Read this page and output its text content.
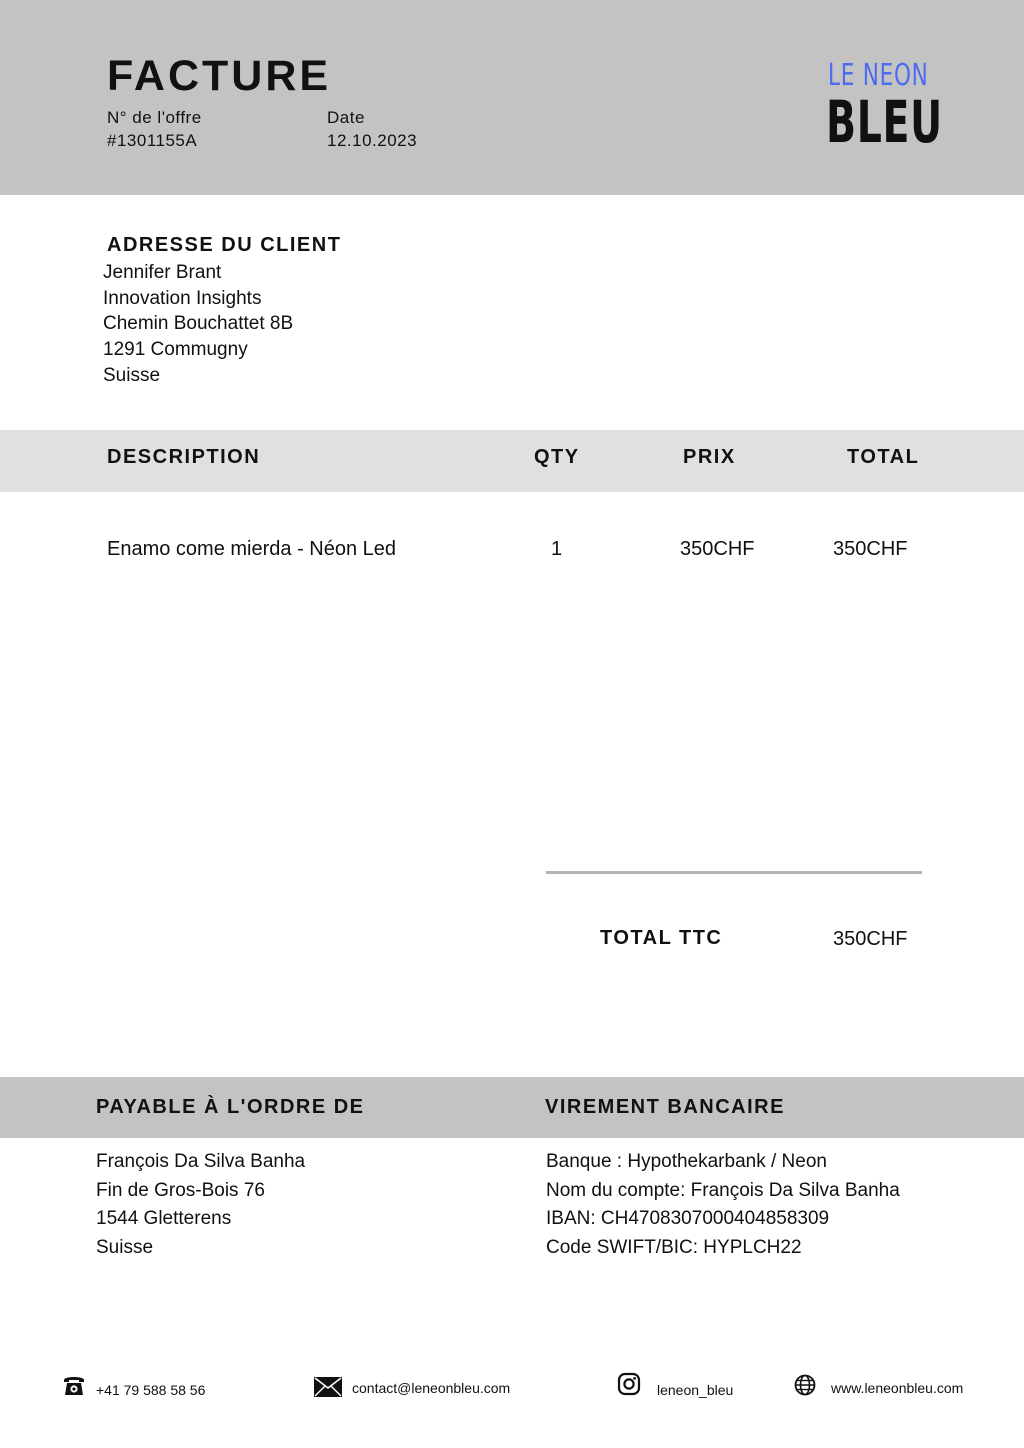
FACTURE
N° de l'offre
#1301155A
Date
12.10.2023
LE NEON
BLEU
ADRESSE DU CLIENT
Jennifer Brant
Innovation Insights
Chemin Bouchattet 8B
1291 Commugny
Suisse
DESCRIPTION	QTY	PRIX	TOTAL
Enamo come mierda - Néon Led	1	350CHF	350CHF
TOTAL TTC	350CHF
PAYABLE À L'ORDRE DE	VIREMENT BANCAIRE
François Da Silva Banha
Fin de Gros-Bois 76
1544 Gletterens
Suisse
Banque : Hypothekarbank / Neon
Nom du compte: François Da Silva Banha
IBAN: CH4708307000404858309
Code SWIFT/BIC: HYPLCH22
+41 79 588 58 56	contact@leneonbleu.com	leneon_bleu	www.leneonbleu.com
